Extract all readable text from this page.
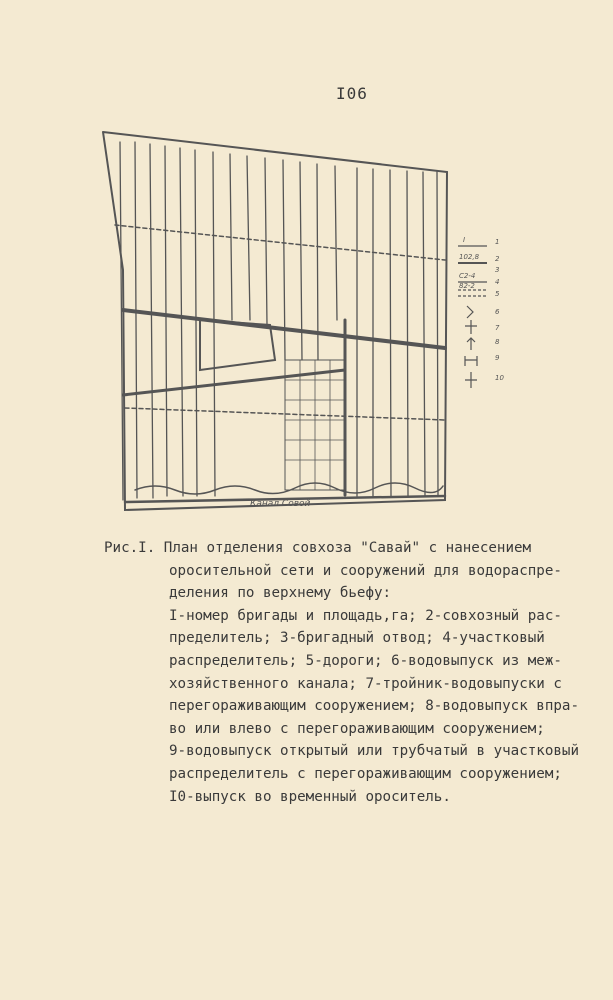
I06
Канал Совой
1
2
3
4
5
6
7
8
9
10
I
102,8
С2-4
82-2
Рис.I. План отделения совхоза "Савай" с нанесением

оросительной сети и сооружений для водораспре-
деления по верхнему бьефу:
I-номер бригады и площадь,га; 2-совхозный рас-
пределитель; 3-бригадный отвод; 4-участковый
распределитель; 5-дороги; 6-водовыпуск из меж-
хозяйственного канала; 7-тройник-водовыпуски с
перегораживающим сооружением; 8-водовыпуск впра-
во или влево с перегораживающим сооружением;
9-водовыпуск открытый или трубчатый в участковый
распределитель с перегораживающим сооружением;
I0-выпуск во временный ороситель.
